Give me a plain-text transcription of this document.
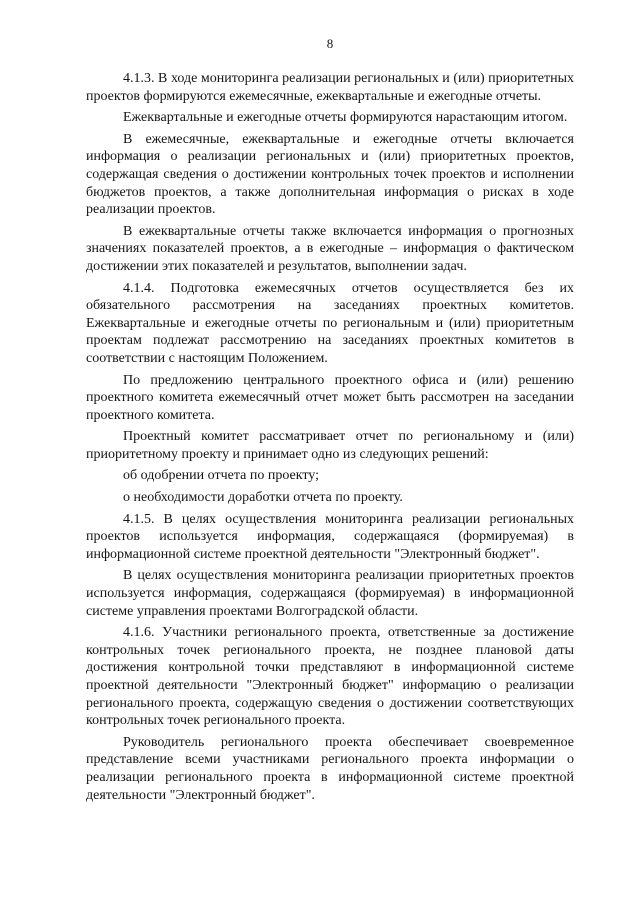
8

4.1.3. В ходе мониторинга реализации региональных и (или) приоритетных проектов формируются ежемесячные, ежеквартальные и ежегодные отчеты.

Ежеквартальные и ежегодные отчеты формируются нарастающим итогом.

В ежемесячные, ежеквартальные и ежегодные отчеты включается информация о реализации региональных и (или) приоритетных проектов, содержащая сведения о достижении контрольных точек проектов и исполнении бюджетов проектов, а также дополнительная информация о рисках в ходе реализации проектов.

В ежеквартальные отчеты также включается информация о прогнозных значениях показателей проектов, а в ежегодные – информация о фактическом достижении этих показателей и результатов, выполнении задач.

4.1.4. Подготовка ежемесячных отчетов осуществляется без их обязательного рассмотрения на заседаниях проектных комитетов. Ежеквартальные и ежегодные отчеты по региональным и (или) приоритетным проектам подлежат рассмотрению на заседаниях проектных комитетов в соответствии с настоящим Положением.

По предложению центрального проектного офиса и (или) решению проектного комитета ежемесячный отчет может быть рассмотрен на заседании проектного комитета.

Проектный комитет рассматривает отчет по региональному и (или) приоритетному проекту и принимает одно из следующих решений:

об одобрении отчета по проекту;

о необходимости доработки отчета по проекту.

4.1.5. В целях осуществления мониторинга реализации региональных проектов используется информация, содержащаяся (формируемая) в информационной системе проектной деятельности "Электронный бюджет".

В целях осуществления мониторинга реализации приоритетных проектов используется информация, содержащаяся (формируемая) в информационной системе управления проектами Волгоградской области.

4.1.6. Участники регионального проекта, ответственные за достижение контрольных точек регионального проекта, не позднее плановой даты достижения контрольной точки представляют в информационной системе проектной деятельности "Электронный бюджет" информацию о реализации регионального проекта, содержащую сведения о достижении соответствующих контрольных точек регионального проекта.

Руководитель регионального проекта обеспечивает своевременное представление всеми участниками регионального проекта информации о реализации регионального проекта в информационной системе проектной деятельности "Электронный бюджет".
